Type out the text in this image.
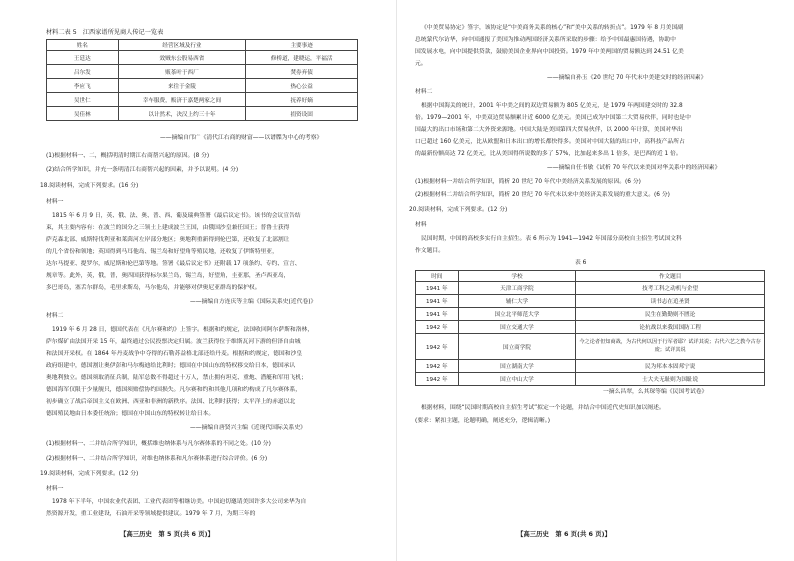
材料二表 5　江西家谱所见商人传记一览表
姓名	经营区域及行业	主要事迹
王廷达	效贼东公股易西省	修桥道，建晓运，平福活
吕尔发	贩茶叶于西厂	焚券弃债
李应飞	来往于金陵	热心公益
吴世仁	幸车服费，贩济于嘉楚两家之间	抚养好嫡
吴佳林	以计然术，决汉上约三十年	捐资设固
——摘编自邝广《清代江右商的财富——以谱牒为中心的考察》
(1)根据材料一、二，概括明清时期江右商帮兴起的原因。(8 分)
(2)结合所学知识，并充一条明清江右商帮兴起的因素，并予以说明。(4 分)
18.阅读材料，完成下列要求。(16 分)
材料一
1815 年 6 月 9 日，英、俄、法、奥、普、西、葡及瑞典签署《最后议定书》。该书的会议宣告结
束，其主要内容有：在波兰的国分之三领土上建成波兰王国，由俄国沙皇兼任国王；普鲁士获得
萨克森北部、威斯特伐利亚和莱茵河左岸部分地区；奥地利重新得到伦巴第，还收复了北部割让
的几个省份和领地；英国得到马耳他岛、锡兰岛和好望角等殖民地，还收复了伊斯特里亚，
达尔马提亚、提罗尔，威尼斯和伦巴第等地。签署《最后议定书》还附载 17 项条约、专约、宣言、
规章等。此外，英，俄，普，奥四国获得标尔果兰岛，锡兰岛，好望角，圭亚那，圣卢西亚岛，
多巴哥岛，塞舌尔群岛，毛里求斯岛，马尔他岛，并能够对伊奥尼亚群岛的保护权。
——摘编自方连庆等主编《国际关系史(近代卷)》
材料二
1919 年 6 月 28 日，德国代表在《凡尔赛和约》上签字。根据和约规定，法国收回阿尔萨斯和洛林，
萨尔煤矿由法国开采 15 年，最终通过公民投票决定归属。波兰获得位于维斯瓦河下游的但泽自由城
和法国开采权。在 1864 年丹麦战争中夺得的石勒苏益格北部还给丹麦。根据和约规定，德国和沙皇
政府组建中，德国割让奥伊彭和马尔梅迪给比利时；德国在中国山东的特权移交给日本，德国承认
奥地利独立。德国须取消征兵制，陆军总数不得超过十万人，禁止拥有坦克、重炮、潜艇和军用飞机；
德国海军仅限于少量舰只，德国须赔偿协约国损失。凡尔赛和约和其他几项和约构成了凡尔赛体系，
初步确立了战后帝国主义在欧洲、西亚和非洲的新秩序。法国、比利时获得；太平洋上的赤道以北
德国殖民地由日本委任统治；德国在中国山东的特权转让给日本。
——摘编自唐贤兴主编《近现代国际关系史》
(1)根据材料一、二并结合所学知识，概括维也纳体系与凡尔赛体系的不同之处。(10 分)
(2)根据材料一、二并结合所学知识，对维也纳体系和凡尔赛体系进行综合评价。(6 分)
19.阅读材料，完成下列要求。(12 分)
材料一
1978 年下半年，中国农业代表团、工业代表团等相继访美。中国迫切邀请美国许多大公司来华为自
然资源开发，重工业建设，石油开采等领域提供建议。1979 年 7 月，为期三年的
【高三历史　第 5 页(共 6 页)】
《中美贸易协定》签字，该协定是“中美商务关系的核心”和“美中关系的转折点”。1979 年 8 月美国副
总统蒙代尔访华，向中国通报了美国为推动两国经济关系所采取的步骤：给予中国最惠国待遇，协助中
国发展水电，向中国提供贷款，鼓励美国企业界向中国投资。1979 年中美两国的贸易额达到 24.51 亿美
元。
——摘编自孙玉《20 世纪 70 年代末中美建交时的经济因素》
材料二
根据中国海关的统计，2001 年中美之间的双边贸易额为 805 亿美元，是 1979 年两国建交时的 32.8
倍。1979—2001 年，中美双边贸易额累计近 6000 亿美元。美国已成为中国第二大贸易伙伴，同时也是中
国最大的出口市场和第二大外资来源地。中国大陆是美国第四大贸易伙伴，以 2000 年计算，美国对华出
口已超过 160 亿美元，比从欧盟和日本出口的增长都快得多。美国对中国大陆的出口中，高科技产品所占
的最新份额高达 72 亿美元，比从美国得所说数的多了 57%，比加起来多出 1 倍多，是巴西的近 1 倍。
——摘编自任书敏《试析 70 年代以来美国对华关系中的经济因素》
(1)根据材料一并结合所学知识，简析 20 世纪 70 年代中美经济关系发展的原因。(6 分)
(2)根据材料二并结合所学知识，简析 20 世纪 70 年代末以来中美经济关系发展的重大意义。(6 分)
20.阅读材料，完成下列要求。(12 分)
材料
民国时期，中国的高校多实行自主招生。表 6 所示为 1941—1942 年国部分高校自主招生考试国文科
作文题目。
表 6
时间	学校	作文题目
1941 年	天津工商学院	技考工科之动机与企望
1941 年	辅仁大学	读书志在追圣贤
1941 年	国立北平师范大学	民生在勤勤则不匮论
1942 年	国立交通大学	论抗战以来我国国防工程
1942 年	国立商学院	今之论者但知商战，为古代何以因于行军者耶？试详其说；古代六艺之教今古存废；试详其说
1942 年	国立湖南大学	民为邦本本固邦宁说
1942 年	国立中山大学	士大夫无耻则为国耻说
一摘么昌翠，么其琛等编《民国考试卷》
根据材料，围绕“民国时期高校自主招生考试”拟定一个论题，并结合中国近代史知识加以阐述。
(要求：紧扣主题，论题明确，阐述充分，逻辑清晰。)
【高三历史　第 6 页(共 6 页)】
